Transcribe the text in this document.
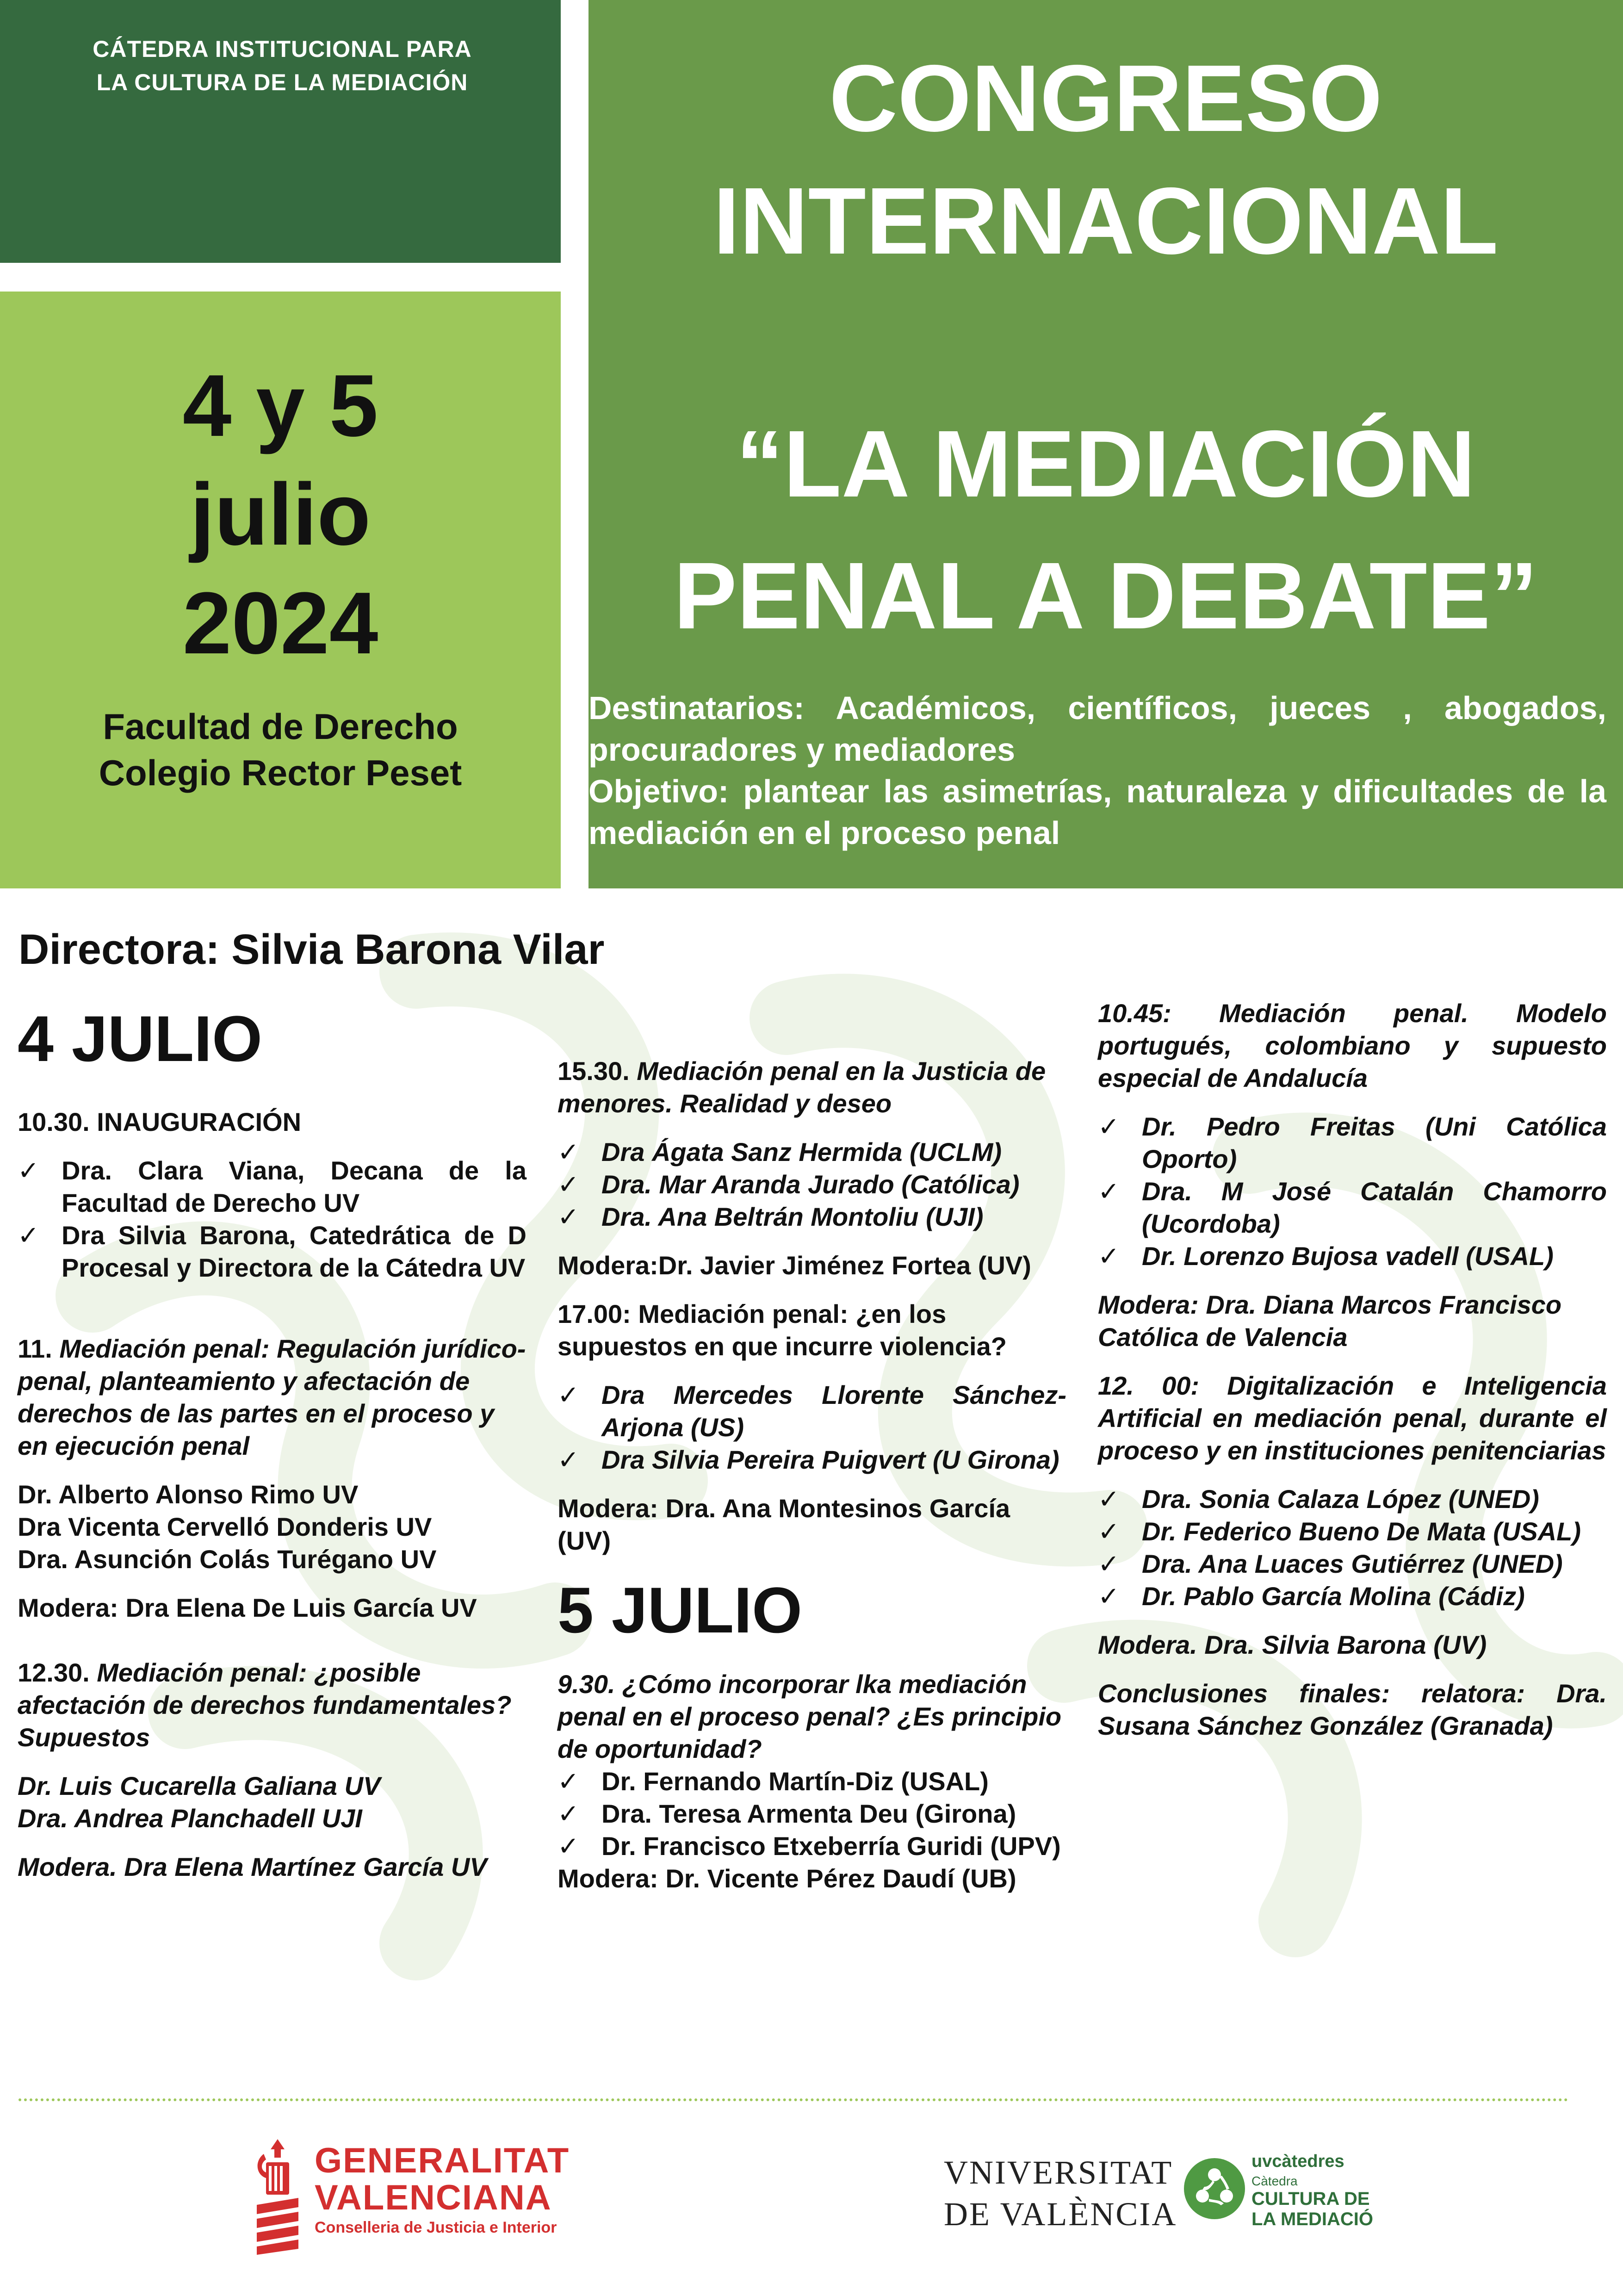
CÁTEDRA INSTITUCIONAL PARA
LA CULTURA DE LA MEDIACIÓN
4 y 5
julio
2024
Facultad de Derecho
Colegio Rector Peset
CONGRESO
INTERNACIONAL
“LA MEDIACIÓN
PENAL A DEBATE”

Destinatarios: Académicos, científicos, jueces , abogados, procuradores y mediadores

Objetivo: plantear las asimetrías, naturaleza y dificultades de la mediación en el proceso penal

Directora: Silvia Barona Vilar
4 JULIO
10.30. INAUGURACIÓN
✓ Dra. Clara Viana, Decana de la Facultad de Derecho UV
✓ Dra Silvia Barona, Catedrática de D Procesal y Directora de la Cátedra UV
11. Mediación penal: Regulación jurídico-penal, planteamiento y afectación de derechos de las partes en el proceso y en ejecución penal
Dr. Alberto Alonso Rimo UV
Dra Vicenta Cervelló Donderis UV
Dra. Asunción Colás Turégano UV
Modera: Dra Elena De Luis García UV
12.30. Mediación penal: ¿posible afectación de derechos fundamentales? Supuestos
Dr. Luis Cucarella Galiana UV
Dra. Andrea Planchadell UJI
Modera. Dra Elena Martínez García UV
15.30. Mediación penal en la Justicia de menores. Realidad y deseo
✓ Dra Ágata Sanz Hermida (UCLM)
✓ Dra. Mar Aranda Jurado (Católica)
✓ Dra. Ana Beltrán Montoliu (UJI)
Modera:Dr. Javier Jiménez Fortea (UV)
17.00: Mediación penal: ¿en los supuestos en que incurre violencia?
✓ Dra Mercedes Llorente Sánchez-Arjona (US)
✓ Dra Silvia Pereira Puigvert (U Girona)
Modera: Dra. Ana Montesinos García (UV)
5 JULIO
9.30. ¿Cómo incorporar lka mediación penal en el proceso penal? ¿Es principio de oportunidad?
✓ Dr. Fernando Martín-Diz (USAL)
✓ Dra. Teresa Armenta Deu (Girona)
✓ Dr. Francisco Etxeberría Guridi (UPV)
Modera: Dr. Vicente Pérez Daudí (UB)
10.45: Mediación penal. Modelo portugués, colombiano y supuesto especial de Andalucía
✓ Dr. Pedro Freitas (Uni Católica Oporto)
✓ Dra. M José Catalán Chamorro (Ucordoba)
✓ Dr. Lorenzo Bujosa vadell (USAL)
Modera: Dra. Diana Marcos Francisco Católica de Valencia
12. 00: Digitalización e Inteligencia Artificial en mediación penal, durante el proceso y en instituciones penitenciarias
✓ Dra. Sonia Calaza López (UNED)
✓ Dr. Federico Bueno De Mata (USAL)
✓ Dra. Ana Luaces Gutiérrez (UNED)
✓ Dr. Pablo García Molina (Cádiz)
Modera. Dra. Silvia Barona (UV)
Conclusiones finales: relatora: Dra. Susana Sánchez González (Granada)
GENERALITAT
VALENCIANA
Conselleria de Justicia e Interior
VNIVERSITAT
DE VALÈNCIA
uvcàtedres
Càtedra
CULTURA DE
LA MEDIACIÓ
